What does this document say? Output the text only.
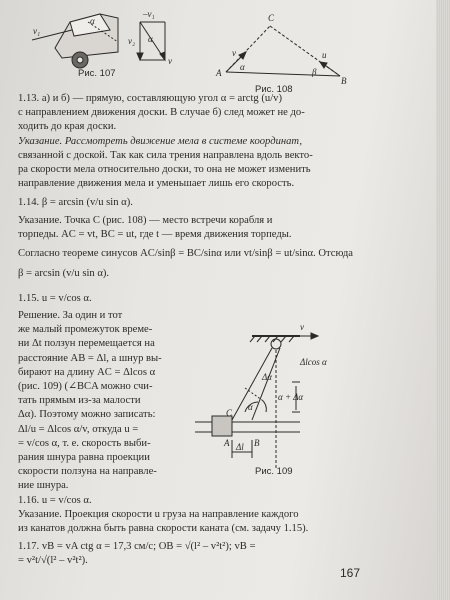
v₁
α
–v₁
v₂ α
v
C
A
B
v	u
α	β
v
Δα
Δlcos α
C
α
α + Δα
A	B
Δl
Рис. 107
Рис. 108
Рис. 109
1.13. а) и б) — прямую, составляющую угол α = arctg (u/v)
с направлением движения доски. В случае б) след может не до-
ходить до края доски.
Указание. Рассмотреть движение мела в системе координат,
связанной с доской. Так как сила трения направлена вдоль векто-
ра скорости мела относительно доски, то она не может изменить
направление движения мела и уменьшает лишь его скорость.
1.14. β = arcsin (v/u sin α).
Указание. Точка C (рис. 108) — место встречи корабля и
торпеды. AC = vt, BC = ut, где t — время движения торпеды.
Согласно теореме синусов AC/sinβ = BC/sinα или vt/sinβ = ut/sinα. Отсюда
β = arcsin (v/u sin α).
1.15. u = v/cos α.
Решение. За один и тот
же малый промежуток време-
ни Δt ползун перемещается на
расстояние AB = Δl, а шнур вы-
бирают на длину AC = Δlcos α
(рис. 109) (∠BCA можно счи-
тать прямым из-за малости
Δα). Поэтому можно записать:
Δl/u = Δlcos α/v, откуда u =
= v/cos α, т. е. скорость выби-
рания шнура равна проекции
скорости ползуна на направле-
ние шнура.
1.16. u = v/cos α.
Указание. Проекция скорости u груза на направление каждого
из канатов должна быть равна скорости каната (см. задачу 1.15).
1.17. vB = vA ctg α = 17,3 см/с; OB = √(l² – v²t²); vB =
= v²t/√(l² – v²t²).
167
